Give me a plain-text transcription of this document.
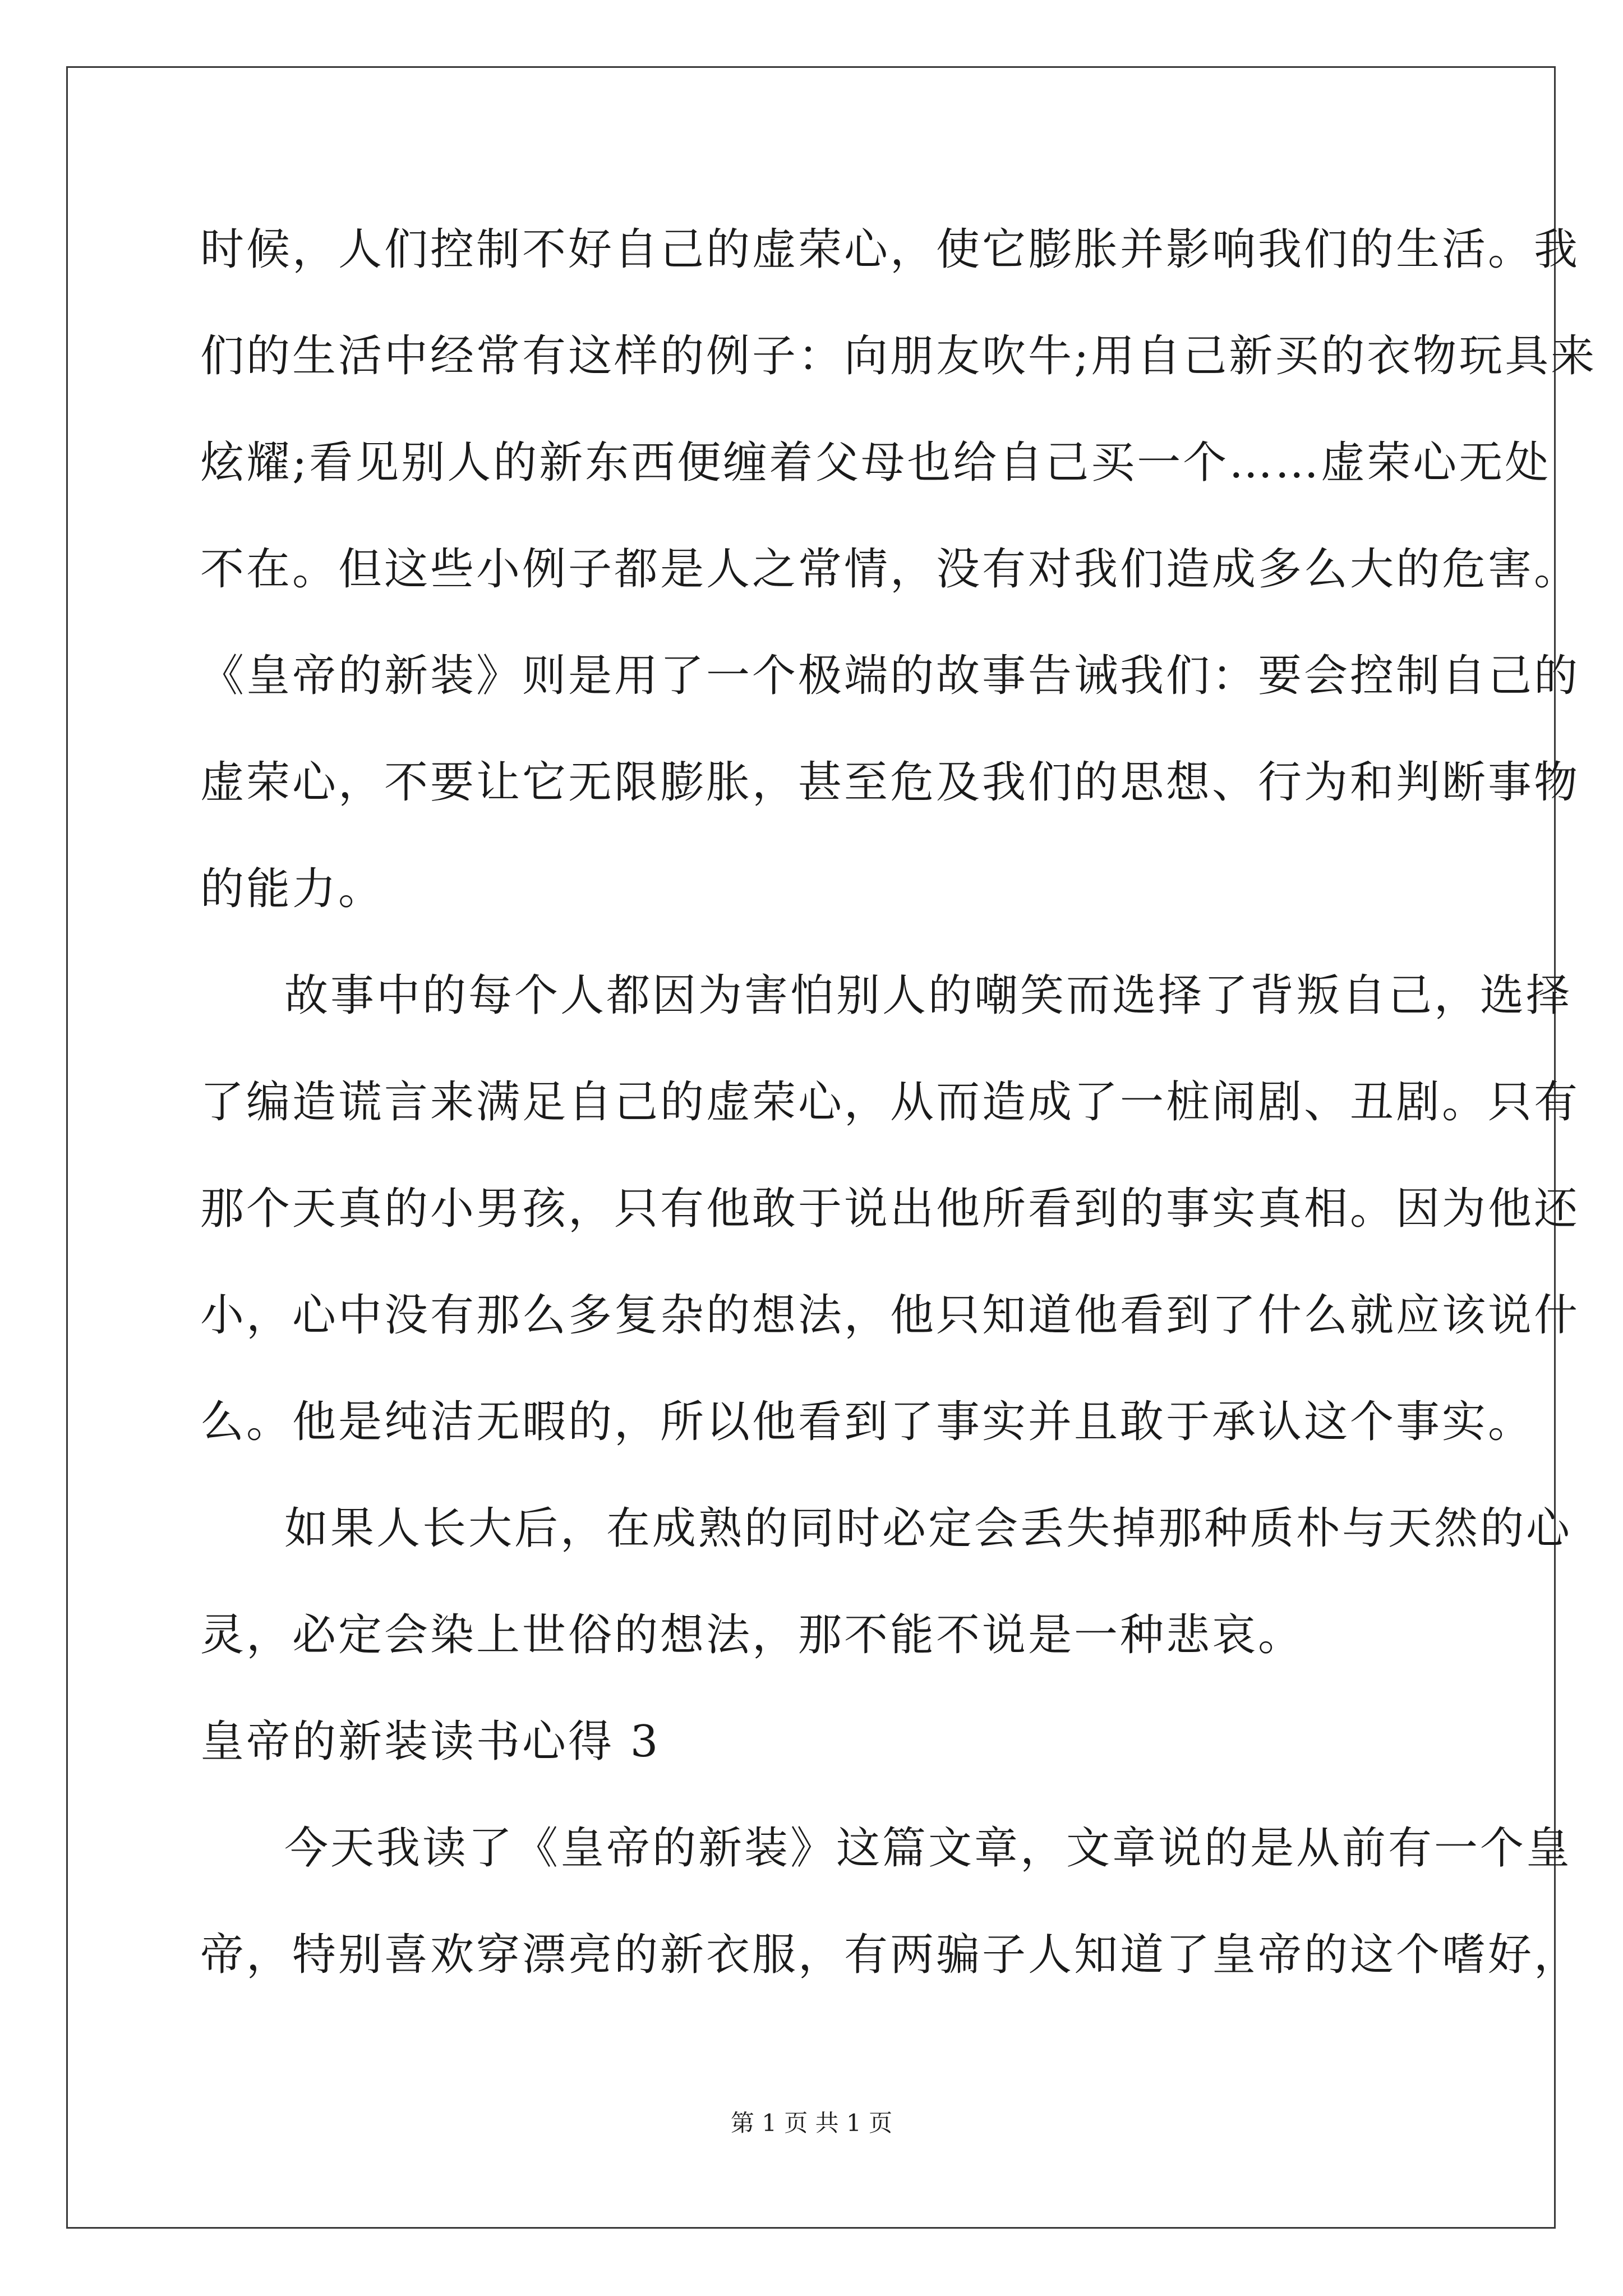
时候，人们控制不好自己的虚荣心，使它膨胀并影响我们的生活。我
们的生活中经常有这样的例子：向朋友吹牛;用自己新买的衣物玩具来
炫耀;看见别人的新东西便缠着父母也给自己买一个……虚荣心无处
不在。但这些小例子都是人之常情，没有对我们造成多么大的危害。
《皇帝的新装》则是用了一个极端的故事告诫我们：要会控制自己的
虚荣心，不要让它无限膨胀，甚至危及我们的思想、行为和判断事物
的能力。
故事中的每个人都因为害怕别人的嘲笑而选择了背叛自己，选择
了编造谎言来满足自己的虚荣心，从而造成了一桩闹剧、丑剧。只有
那个天真的小男孩，只有他敢于说出他所看到的事实真相。因为他还
小，心中没有那么多复杂的想法，他只知道他看到了什么就应该说什
么。他是纯洁无暇的，所以他看到了事实并且敢于承认这个事实。
如果人长大后，在成熟的同时必定会丢失掉那种质朴与天然的心
灵，必定会染上世俗的想法，那不能不说是一种悲哀。
皇帝的新装读书心得 3
今天我读了《皇帝的新装》这篇文章，文章说的是从前有一个皇
帝，特别喜欢穿漂亮的新衣服，有两骗子人知道了皇帝的这个嗜好，
第 1 页 共 1 页
